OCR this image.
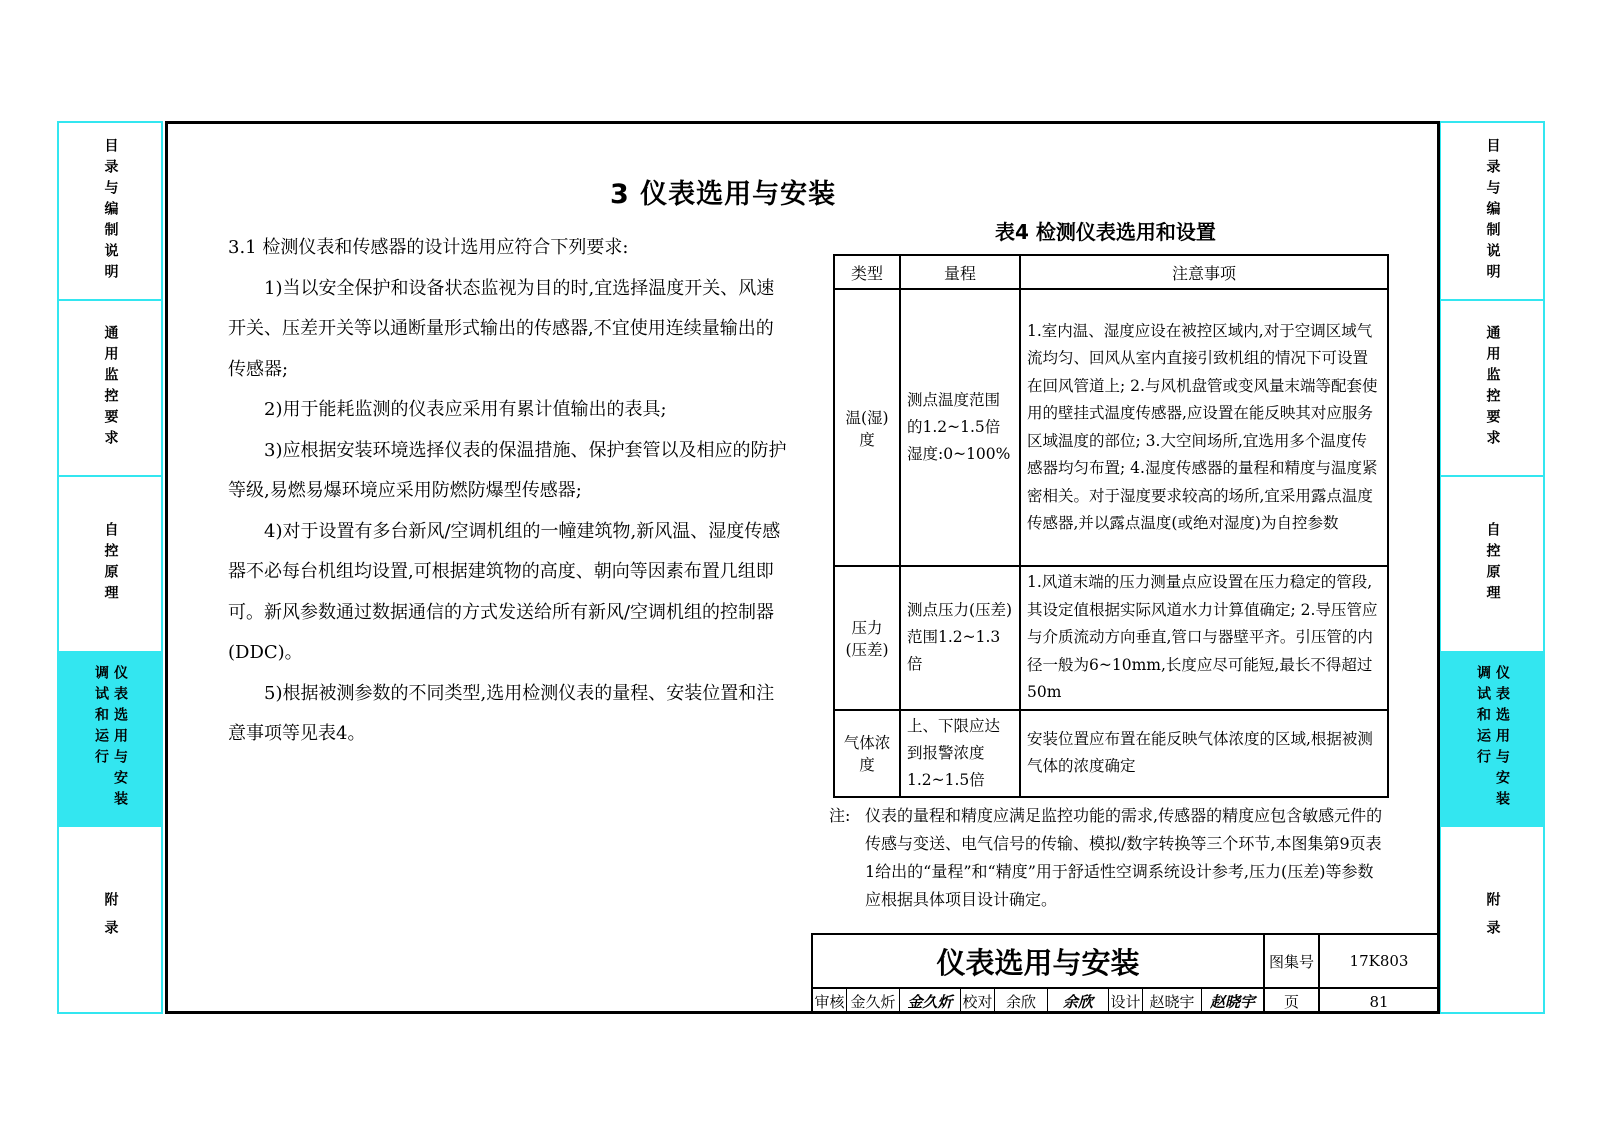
目录与编制说明
通用监控要求
自控原理
仪表选用与安装调试和运行
附录
目录与编制说明
通用监控要求
自控原理
仪表选用与安装调试和运行
附录
3 仪表选用与安装

3.1 检测仪表和传感器的设计选用应符合下列要求:

1)当以安全保护和设备状态监视为目的时,宜选择温度开关、风速开关、压差开关等以通断量形式输出的传感器,不宜使用连续量输出的传感器;

2)用于能耗监测的仪表应采用有累计值输出的表具;

3)应根据安装环境选择仪表的保温措施、保护套管以及相应的防护等级,易燃易爆环境应采用防燃防爆型传感器;

4)对于设置有多台新风/空调机组的一幢建筑物,新风温、湿度传感器不必每台机组均设置,可根据建筑物的高度、朝向等因素布置几组即可。新风参数通过数据通信的方式发送给所有新风/空调机组的控制器(DDC)。

5)根据被测参数的不同类型,选用检测仪表的量程、安装位置和注意事项等见表4。

表4 检测仪表选用和设置
类型	量程	注意事项
温(湿)度	测点温度范围的1.2~1.5倍 湿度:0~100%	1.室内温、湿度应设在被控区域内,对于空调区域气流均匀、回风从室内直接引致机组的情况下可设置在回风管道上; 2.与风机盘管或变风量末端等配套使用的壁挂式温度传感器,应设置在能反映其对应服务区域温度的部位; 3.大空间场所,宜选用多个温度传感器均匀布置; 4.湿度传感器的量程和精度与温度紧密相关。对于湿度要求较高的场所,宜采用露点温度传感器,并以露点温度(或绝对湿度)为自控参数
压力(压差)	测点压力(压差)范围1.2~1.3倍	1.风道末端的压力测量点应设置在压力稳定的管段,其设定值根据实际风道水力计算值确定; 2.导压管应与介质流动方向垂直,管口与器壁平齐。引压管的内径一般为6~10mm,长度应尽可能短,最长不得超过50m
气体浓度	上、下限应达到报警浓度1.2~1.5倍	安装位置应布置在能反映气体浓度的区域,根据被测气体的浓度确定
注: 仪表的量程和精度应满足监控功能的需求,传感器的精度应包含敏感元件的传感与变送、电气信号的传输、模拟/数字转换等三个环节,本图集第9页表1给出的“量程”和“精度”用于舒适性空调系统设计参考,压力(压差)等参数应根据具体项目设计确定。
仪表选用与安装	图集号	17K803
页	81
审核 金久炘 金久炘 校对 余欣	余欣	设计 赵晓宇	赵晓宇
